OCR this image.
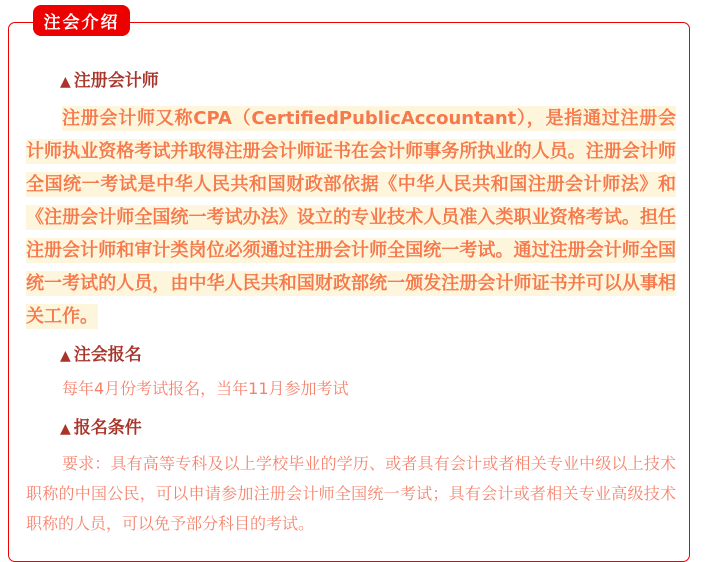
▲ 注册会计师

注册会计师又称CPA（CertifiedPublicAccountant），是指通过注册会计师执业资格考试并取得注册会计师证书在会计师事务所执业的人员。注册会计师全国统一考试是中华人民共和国财政部依据《中华人民共和国注册会计师法》和《注册会计师全国统一考试办法》设立的专业技术人员准入类职业资格考试。担任注册会计师和审计类岗位必须通过注册会计师全国统一考试。通过注册会计师全国统一考试的人员，由中华人民共和国财政部统一颁发注册会计师证书并可以从事相关工作。

▲ 注会报名

每年4月份考试报名，当年11月参加考试

▲ 报名条件

要求：具有高等专科及以上学校毕业的学历、或者具有会计或者相关专业中级以上技术职称的中国公民，可以申请参加注册会计师全国统一考试；具有会计或者相关专业高级技术职称的人员，可以免予部分科目的考试。

注会介绍
